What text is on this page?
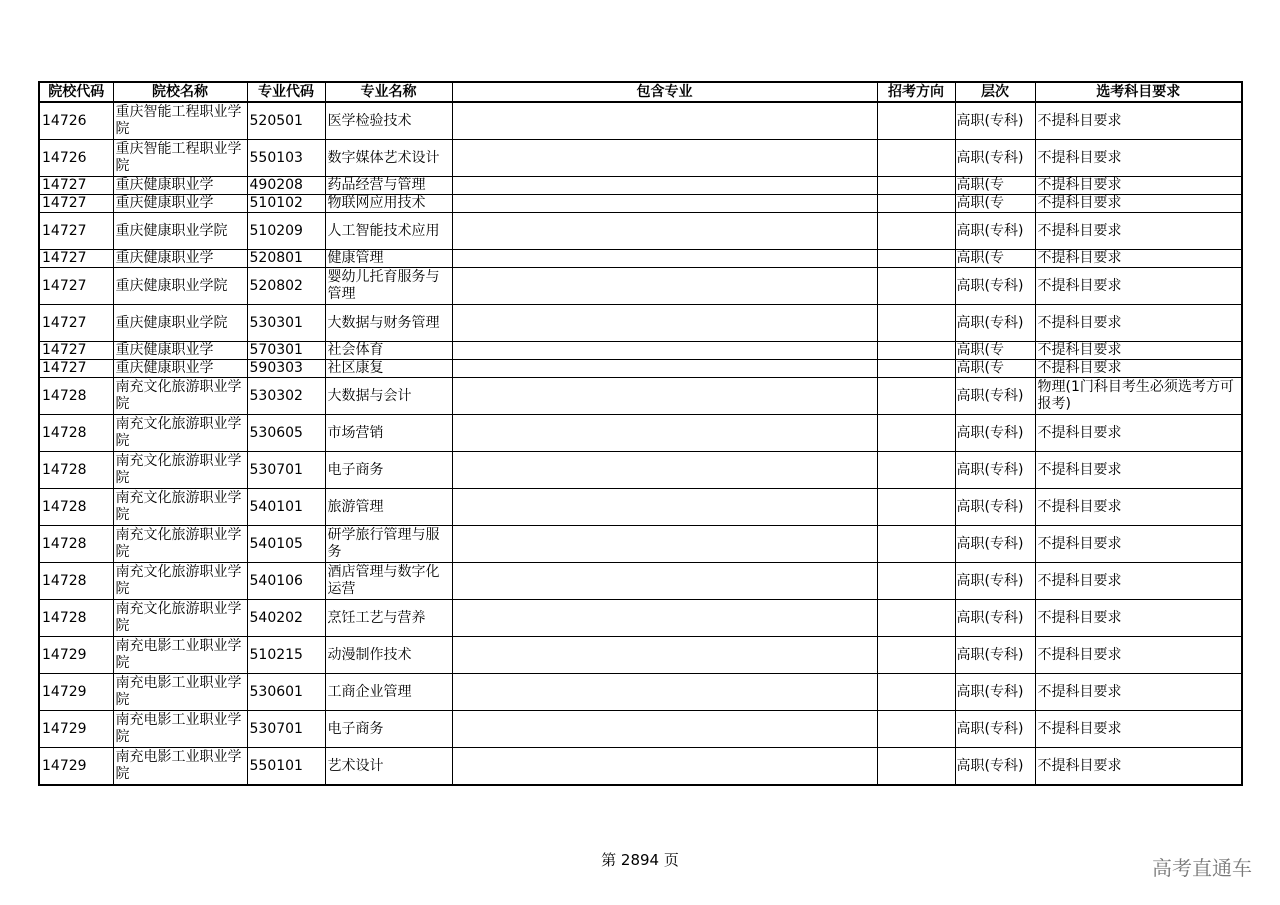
院校代码	院校名称	专业代码	专业名称	包含专业	招考方向	层次	选考科目要求
14726	重庆智能工程职业学院	520501	医学检验技术			高职(专科)	不提科目要求
14726	重庆智能工程职业学院	550103	数字媒体艺术设计			高职(专科)	不提科目要求
14727	重庆健康职业学	490208	药品经营与管理			高职(专	不提科目要求
14727	重庆健康职业学	510102	物联网应用技术			高职(专	不提科目要求
14727	重庆健康职业学院	510209	人工智能技术应用			高职(专科)	不提科目要求
14727	重庆健康职业学	520801	健康管理			高职(专	不提科目要求
14727	重庆健康职业学院	520802	婴幼儿托育服务与管理			高职(专科)	不提科目要求
14727	重庆健康职业学院	530301	大数据与财务管理			高职(专科)	不提科目要求
14727	重庆健康职业学	570301	社会体育			高职(专	不提科目要求
14727	重庆健康职业学	590303	社区康复			高职(专	不提科目要求
14728	南充文化旅游职业学院	530302	大数据与会计			高职(专科)	物理(1门科目考生必须选考方可报考)
14728	南充文化旅游职业学院	530605	市场营销			高职(专科)	不提科目要求
14728	南充文化旅游职业学院	530701	电子商务			高职(专科)	不提科目要求
14728	南充文化旅游职业学院	540101	旅游管理			高职(专科)	不提科目要求
14728	南充文化旅游职业学院	540105	研学旅行管理与服务			高职(专科)	不提科目要求
14728	南充文化旅游职业学院	540106	酒店管理与数字化运营			高职(专科)	不提科目要求
14728	南充文化旅游职业学院	540202	烹饪工艺与营养			高职(专科)	不提科目要求
14729	南充电影工业职业学院	510215	动漫制作技术			高职(专科)	不提科目要求
14729	南充电影工业职业学院	530601	工商企业管理			高职(专科)	不提科目要求
14729	南充电影工业职业学院	530701	电子商务			高职(专科)	不提科目要求
14729	南充电影工业职业学院	550101	艺术设计			高职(专科)	不提科目要求
第 2894 页	高考直通车
